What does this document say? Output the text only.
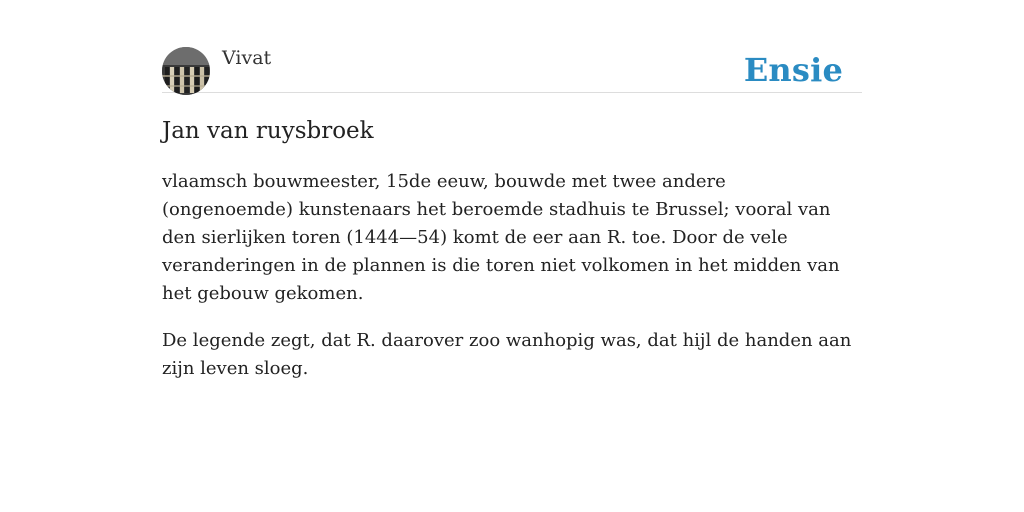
Vivat	Ensie
Jan van ruysbroek

vlaamsch bouwmeester, 15de eeuw, bouwde met twee andere (ongenoemde) kunstenaars het beroemde stadhuis te Brussel; vooral van den sierlijken toren (1444—54) komt de eer aan R. toe. Door de vele veranderingen in de plannen is die toren niet volkomen in het midden van het gebouw gekomen.

De legende zegt, dat R. daarover zoo wanhopig was, dat hijl de handen aan zijn leven sloeg.
